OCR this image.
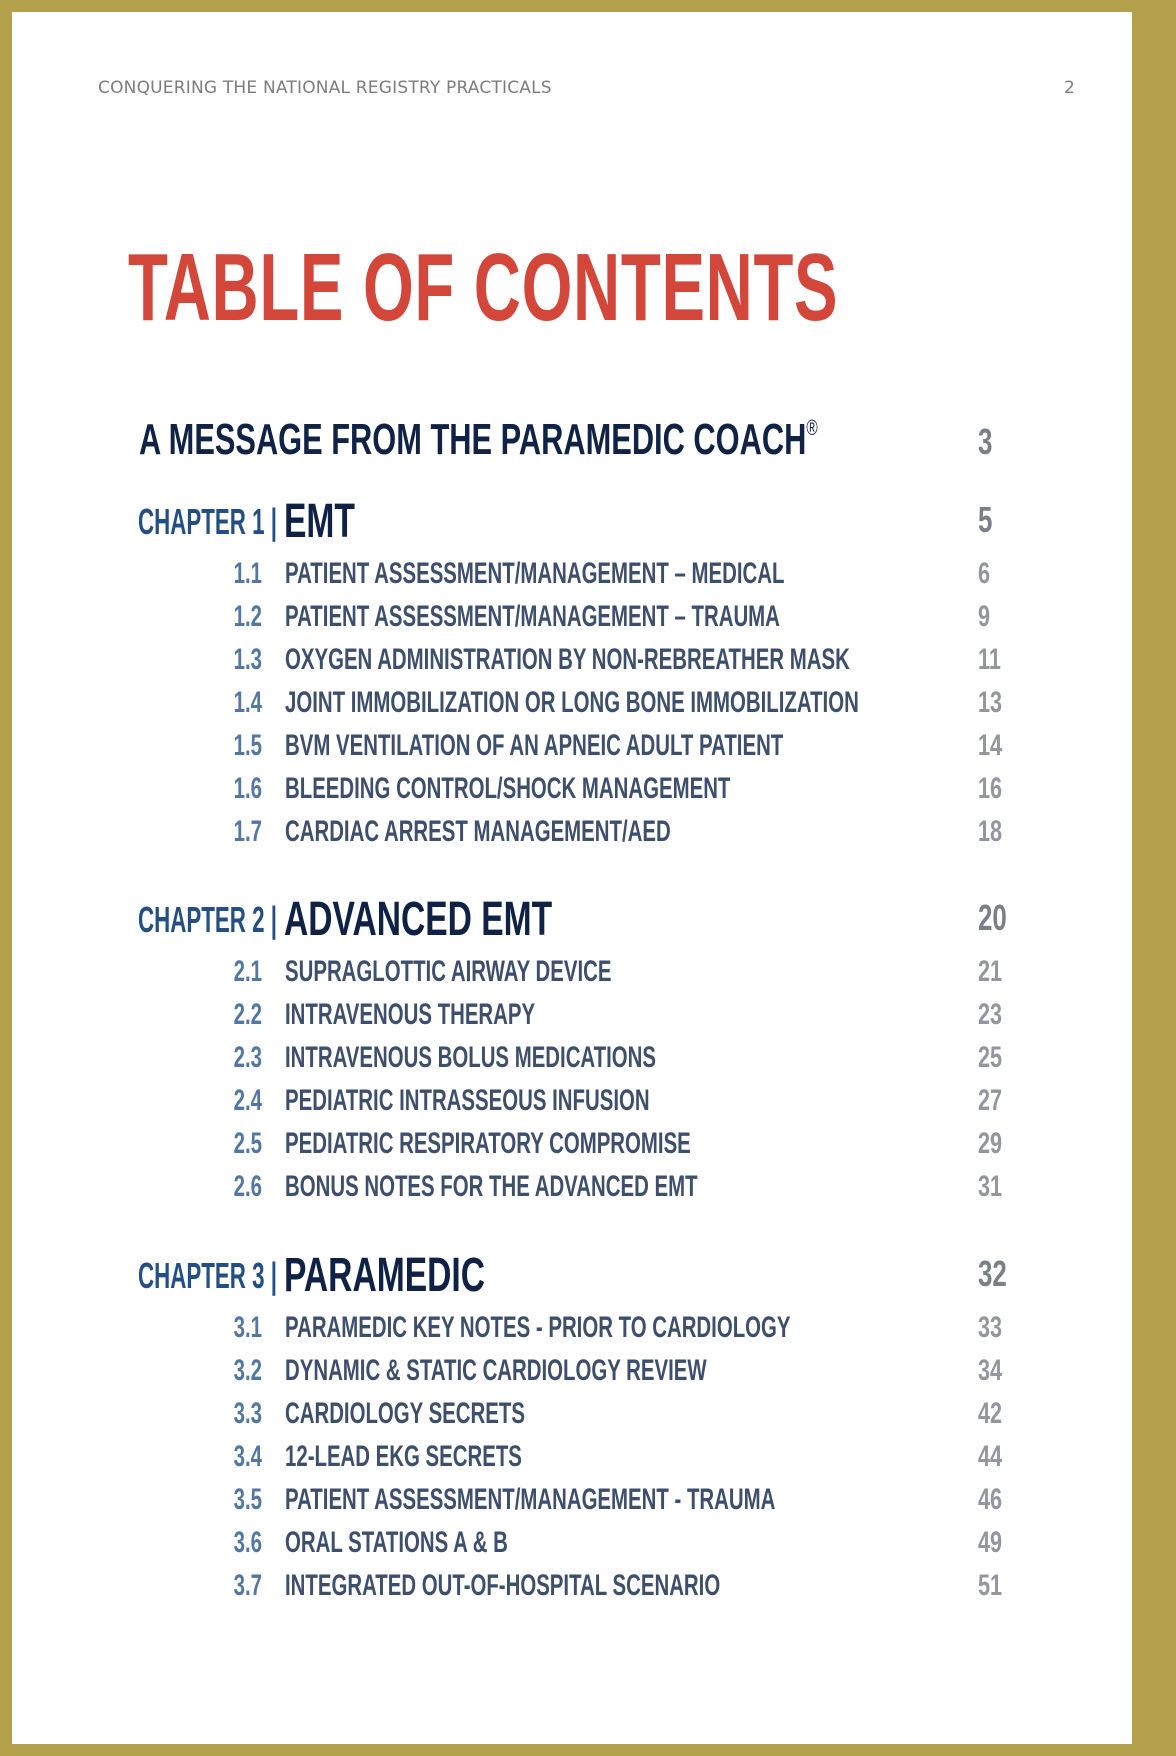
CONQUERING THE NATIONAL REGISTRY PRACTICALS	2
TABLE OF CONTENTS
A MESSAGE FROM THE PARAMEDIC COACH®	3
CHAPTER 1 | EMT	5
1.1 PATIENT ASSESSMENT/MANAGEMENT – MEDICAL	6
1.2 PATIENT ASSESSMENT/MANAGEMENT – TRAUMA	9
1.3 OXYGEN ADMINISTRATION BY NON-REBREATHER MASK	11
1.4 JOINT IMMOBILIZATION OR LONG BONE IMMOBILIZATION	13
1.5 BVM VENTILATION OF AN APNEIC ADULT PATIENT	14
1.6 BLEEDING CONTROL/SHOCK MANAGEMENT	16
1.7 CARDIAC ARREST MANAGEMENT/AED	18
CHAPTER 2 | ADVANCED EMT	20
2.1 SUPRAGLOTTIC AIRWAY DEVICE	21
2.2 INTRAVENOUS THERAPY	23
2.3 INTRAVENOUS BOLUS MEDICATIONS	25
2.4 PEDIATRIC INTRASSEOUS INFUSION	27
2.5 PEDIATRIC RESPIRATORY COMPROMISE	29
2.6 BONUS NOTES FOR THE ADVANCED EMT	31
CHAPTER 3 | PARAMEDIC	32
3.1 PARAMEDIC KEY NOTES - PRIOR TO CARDIOLOGY	33
3.2 DYNAMIC & STATIC CARDIOLOGY REVIEW	34
3.3 CARDIOLOGY SECRETS	42
3.4 12-LEAD EKG SECRETS	44
3.5 PATIENT ASSESSMENT/MANAGEMENT - TRAUMA	46
3.6 ORAL STATIONS A & B	49
3.7 INTEGRATED OUT-OF-HOSPITAL SCENARIO	51
